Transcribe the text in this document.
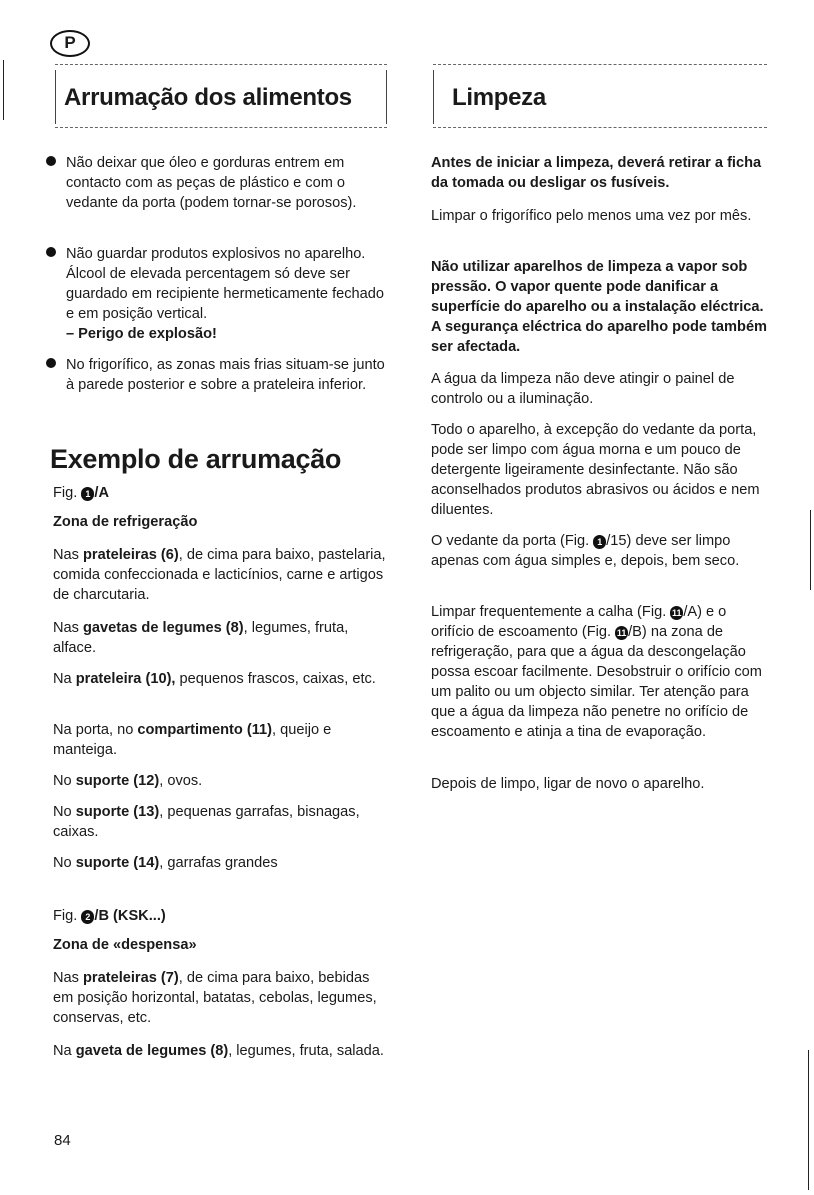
P
Arrumação dos alimentos	Limpeza

Não deixar que óleo e gorduras entrem em contacto com as peças de plástico e com o vedante da porta (podem tornar-se porosos).

Não guardar produtos explosivos no aparelho. Álcool de elevada percentagem só deve ser guardado em recipiente hermeticamente fechado e em posição vertical.

– Perigo de explosão!

No frigorífico, as zonas mais frias situam-se junto à parede posterior e sobre a prateleira inferior.

Exemplo de arrumação
Fig. 1 /A
Zona de refrigeração

Nas prateleiras (6), de cima para baixo, pastelaria, comida confeccionada e lacticínios, carne e artigos de charcutaria.

Nas gavetas de legumes (8), legumes, fruta, alface.

Na prateleira (10), pequenos frascos, caixas, etc.

Na porta, no compartimento (11), queijo e manteiga.

No suporte (12), ovos.

No suporte (13), pequenas garrafas, bisnagas, caixas.

No suporte (14), garrafas grandes

Fig. 2 /B (KSK...)
Zona de «despensa»

Nas prateleiras (7), de cima para baixo, bebidas em posição horizontal, batatas, cebolas, legumes, conservas, etc.

Na gaveta de legumes (8), legumes, fruta, salada.

Antes de iniciar a limpeza, deverá retirar a ficha da tomada ou desligar os fusíveis.

Limpar o frigorífico pelo menos uma vez por mês.

Não utilizar aparelhos de limpeza a vapor sob pressão. O vapor quente pode danificar a superfície do aparelho ou a instalação eléctrica. A segurança eléctrica do aparelho pode também ser afectada.

A água da limpeza não deve atingir o painel de controlo ou a iluminação.

Todo o aparelho, à excepção do vedante da porta, pode ser limpo com água morna e um pouco de detergente ligeiramente desinfectante. Não são aconselhados produtos abrasivos ou ácidos e nem diluentes.

O vedante da porta (Fig. 1 /15) deve ser limpo apenas com água simples e, depois, bem seco.

Limpar frequentemente a calha (Fig. 11 /A) e o orifício de escoamento (Fig. 11 /B) na zona de refrigeração, para que a água da descongelação possa escoar facilmente. Desobstruir o orifício com um palito ou um objecto similar. Ter atenção para que a água da limpeza não penetre no orifício de escoamento e atinja a tina de evaporação.

Depois de limpo, ligar de novo o aparelho.

84
